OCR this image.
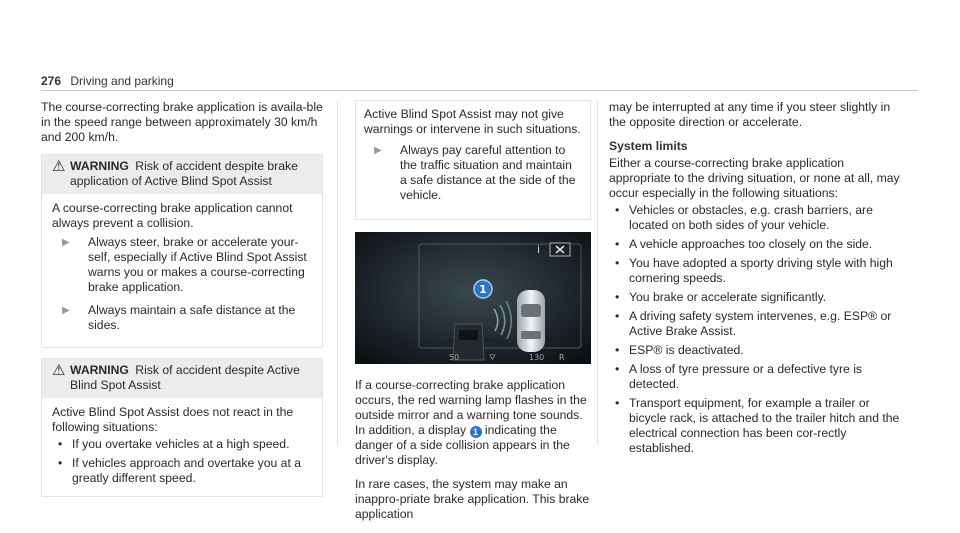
276 Driving and parking

The course-correcting brake application is availa-ble in the speed range between approximately 30 km/h and 200 km/h.

⚠ WARNING Risk of accident despite brake application of Active Blind Spot Assist
A course-correcting brake application cannot always prevent a collision.
▶	Always steer, brake or accelerate your-self, especially if Active Blind Spot Assist warns you or makes a course-correcting brake application.
▶	Always maintain a safe distance at the sides.
⚠ WARNING Risk of accident despite Active Blind Spot Assist
Active Blind Spot Assist does not react in the following situations:
• If you overtake vehicles at a high speed.
• If vehicles approach and overtake you at a greatly different speed.

Active Blind Spot Assist may not give warnings or intervene in such situations.

▶	Always pay careful attention to the traffic situation and maintain a safe distance at the side of the vehicle.
i
1
50	⛛	130 R

If a course-correcting brake application occurs, the red warning lamp flashes in the outside mirror and a warning tone sounds. In addition, a display 1 indicating the danger of a side collision appears in the driver's display.

In rare cases, the system may make an inappro-priate brake application. This brake application

may be interrupted at any time if you steer slightly in the opposite direction or accelerate.

System limits
Either a course-correcting brake application appropriate to the driving situation, or none at all, may occur especially in the following situations:
• Vehicles or obstacles, e.g. crash barriers, are located on both sides of your vehicle.
• A vehicle approaches too closely on the side.
• You have adopted a sporty driving style with high cornering speeds.
• You brake or accelerate significantly.
• A driving safety system intervenes, e.g. ESP® or Active Brake Assist.
• ESP® is deactivated.
• A loss of tyre pressure or a defective tyre is detected.
• Transport equipment, for example a trailer or bicycle rack, is attached to the trailer hitch and the electrical connection has been cor-rectly established.
